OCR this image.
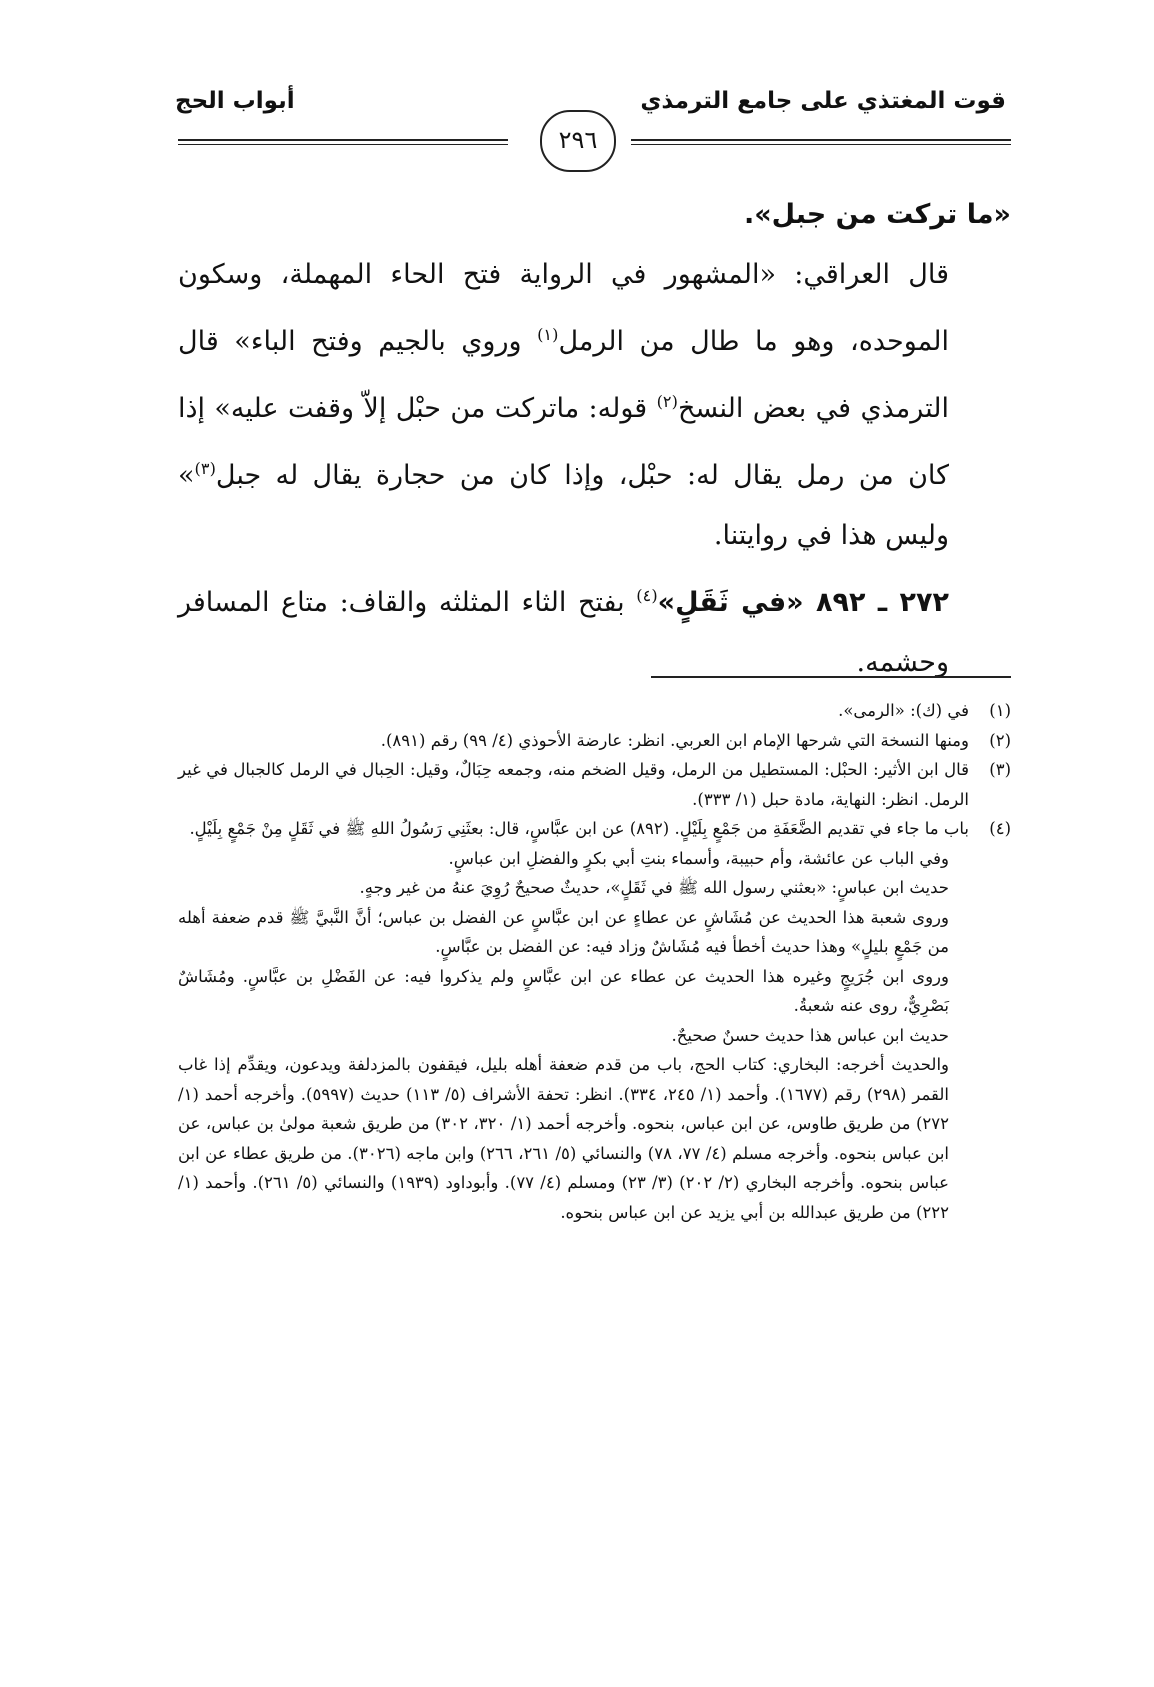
قوت المغتذي على جامع الترمذي
أبواب الحج
٢٩٦

«ما تركت من جبل».

قال العراقي: «المشهور في الرواية فتح الحاء المهملة، وسكون الموحده، وهو ما طال من الرمل$^{(١)}$ وروي بالجيم وفتح الباء» قال الترمذي في بعض النسخ$^{(٢)}$ قوله: ماتركت من حبْل إلاّ وقفت عليه» إذا كان من رمل يقال له: حبْل، وإذا كان من حجارة يقال له جبل$^{(٣)}$» وليس هذا في روايتنا.

٢٧٢ ـ ٨٩٢ «في ثَقَلٍ»$^{(٤)}$ بفتح الثاء المثلثه والقاف: متاع المسافر وحشمه.

(١)
في (ك): «الرمى».
(٢)
ومنها النسخة التي شرحها الإمام ابن العربي. انظر: عارضة الأحوذي (٤/ ٩٩) رقم (٨٩١).
(٣)
قال ابن الأثير: الحبْل: المستطيل من الرمل، وقيل الضخم منه، وجمعه حِبَالٌ، وقيل: الحِبال في الرمل كالجبال في غير الرمل. انظر: النهاية، مادة حبل (١/ ٣٣٣).
(٤)
باب ما جاء في تقديم الضَّعَفَةِ من جَمْعٍ بِلَيْلٍ. (٨٩٢) عن ابن عبَّاسٍ، قال: بعثَنِي رَسُولُ اللهِ ﷺ في ثَقَلٍ مِنْ جَمْعٍ بِلَيْلٍ.
وفي الباب عن عائشة، وأم حبيبة، وأسماء بنتِ أبي بكرٍ والفضلِ ابن عباسٍ.
حديث ابن عباسٍ: «بعثني رسول الله ﷺ في ثَقَلٍ»، حديثٌ صحيحٌ رُوِيَ عنهُ من غير وجهٍ.
وروى شعبة هذا الحديث عن مُشَاشٍ عن عطاءٍ عن ابن عبَّاسٍ عن الفضل بن عباس؛ أنَّ النَّبيَّ ﷺ قدم ضعفة أهله من جَمْعٍ بليلٍ» وهذا حديث أخطأ فيه مُشَاشٌ وزاد فيه: عن الفضل بن عبَّاسٍ.
وروى ابن جُرَيجٍ وغيره هذا الحديث عن عطاء عن ابن عبَّاسٍ ولم يذكروا فيه: عن الفَضْلِ بن عبَّاسٍ. ومُشَاشٌ بَصْرِيٌّ، روى عنه شعبةُ.
حديث ابن عباس هذا حديث حسنٌ صحيحٌ.
والحديث أخرجه: البخاري: كتاب الحج، باب من قدم ضعفة أهله بليل، فيقفون بالمزدلفة ويدعون، ويقدِّم إذا غاب القمر (٢٩٨) رقم (١٦٧٧). وأحمد (١/ ٢٤٥، ٣٣٤). انظر: تحفة الأشراف (٥/ ١١٣) حديث (٥٩٩٧). وأخرجه أحمد (١/ ٢٧٢) من طريق طاوس، عن ابن عباس، بنحوه. وأخرجه أحمد (١/ ٣٢٠، ٣٠٢) من طريق شعبة مولىٰ بن عباس، عن ابن عباس بنحوه. وأخرجه مسلم (٤/ ٧٧، ٧٨) والنسائي (٥/ ٢٦١، ٢٦٦) وابن ماجه (٣٠٢٦). من طريق عطاء عن ابن عباس بنحوه. وأخرجه البخاري (٢/ ٢٠٢) (٣/ ٢٣) ومسلم (٤/ ٧٧). وأبوداود (١٩٣٩) والنسائي (٥/ ٢٦١). وأحمد (١/ ٢٢٢) من طريق عبدالله بن أبي يزيد عن ابن عباس بنحوه.
